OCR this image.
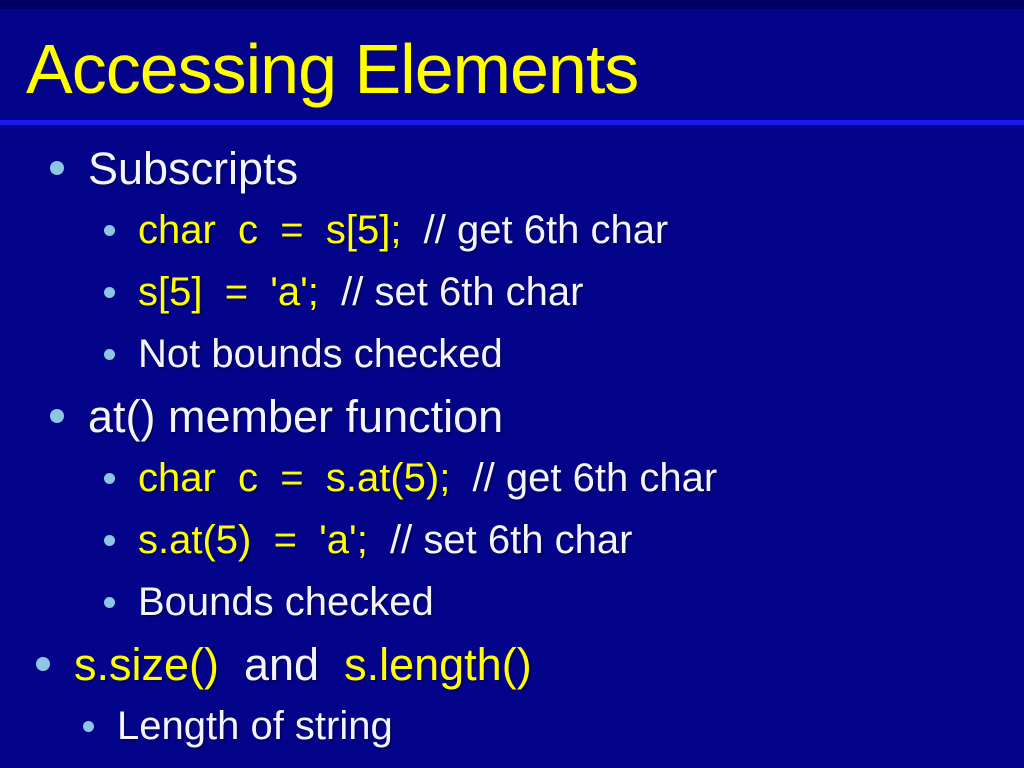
Accessing Elements
Subscripts
char  c  =  s[5];  // get 6th char
s[5]  =  'a';  // set 6th char
Not bounds checked
at() member function
char  c  =  s.at(5);  // get 6th char
s.at(5)  =  'a';  // set 6th char
Bounds checked
s.size()  and  s.length()
Length of string
